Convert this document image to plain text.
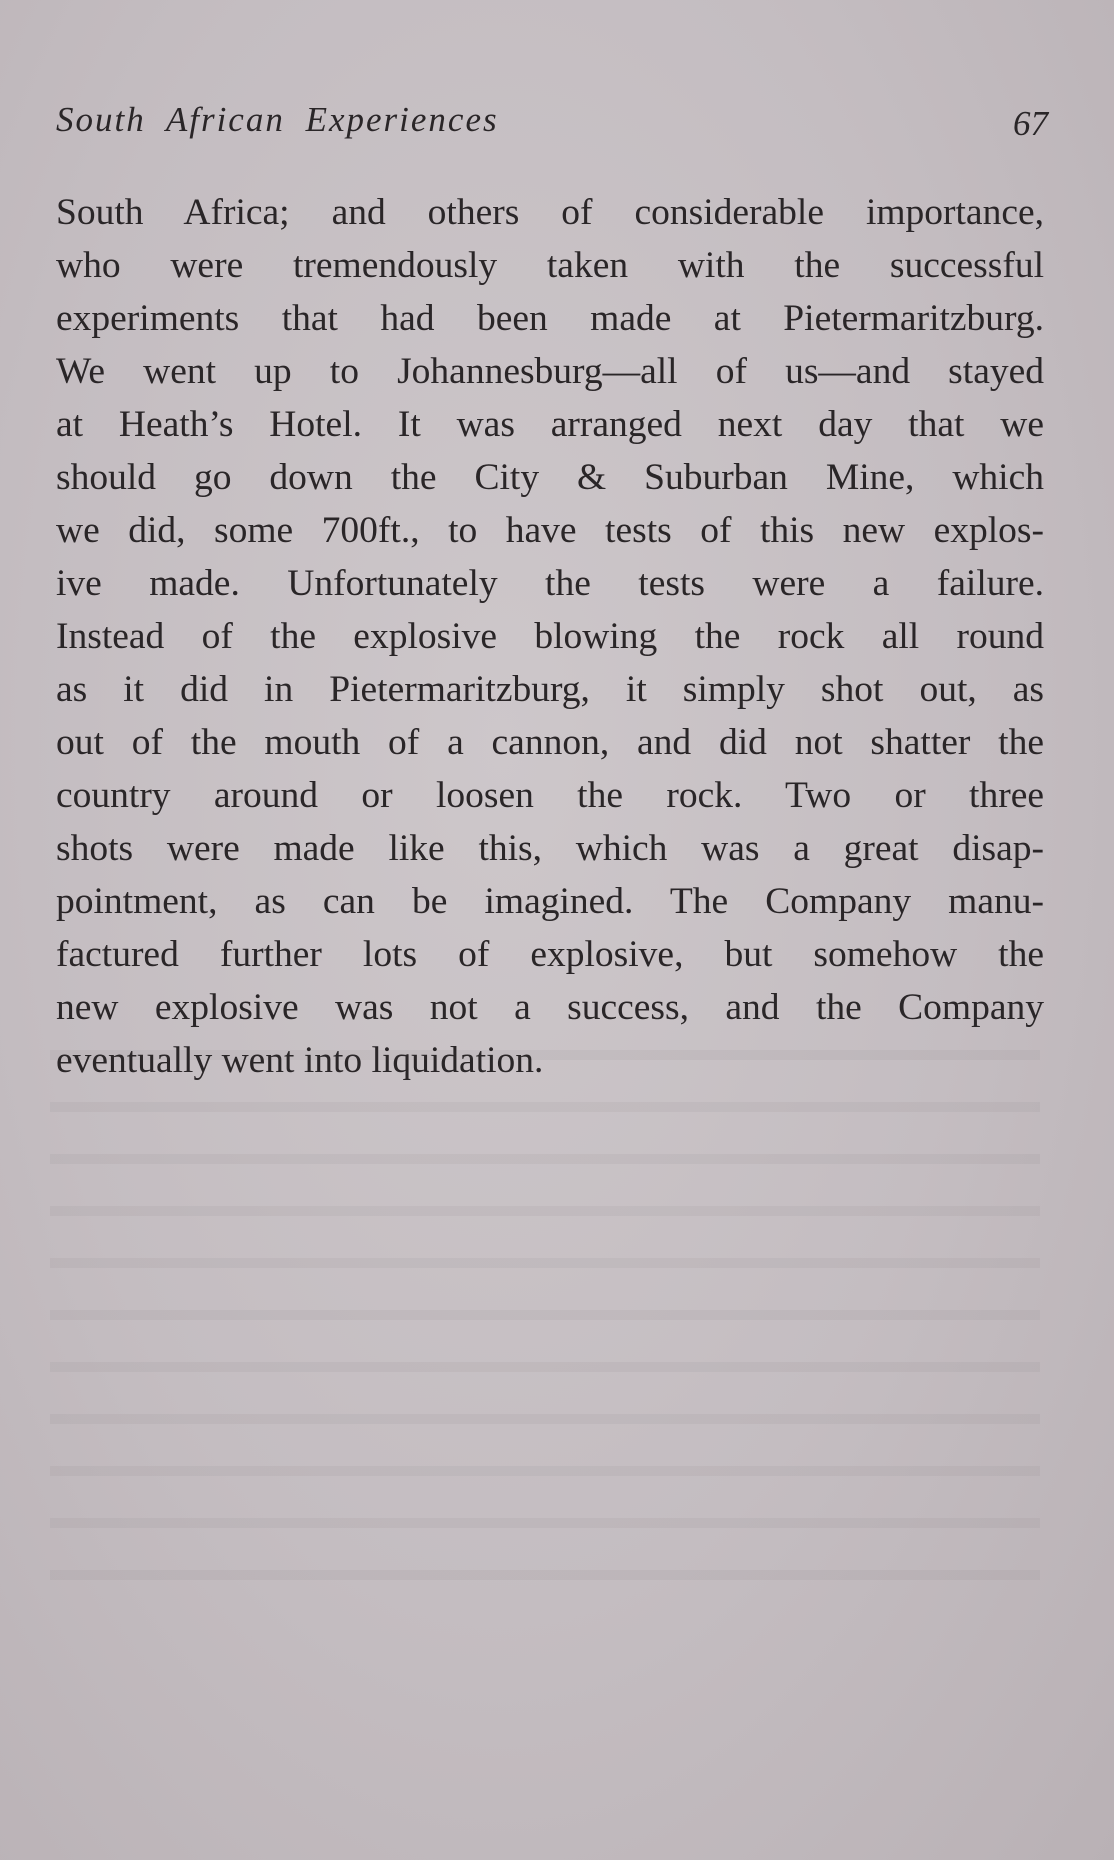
South African Experiences	67
South Africa; and others of considerable importance,
who were tremendously taken with the successful
experiments that had been made at Pietermaritzburg.
We went up to Johannesburg—all of us—and stayed
at Heath’s Hotel. It was arranged next day that we
should go down the City & Suburban Mine, which
we did, some 700ft., to have tests of this new explos-
ive made. Unfortunately the tests were a failure.
Instead of the explosive blowing the rock all round
as it did in Pietermaritzburg, it simply shot out, as
out of the mouth of a cannon, and did not shatter the
country around or loosen the rock. Two or three
shots were made like this, which was a great disap-
pointment, as can be imagined. The Company manu-
factured further lots of explosive, but somehow the
new explosive was not a success, and the Company
eventually went into liquidation.
